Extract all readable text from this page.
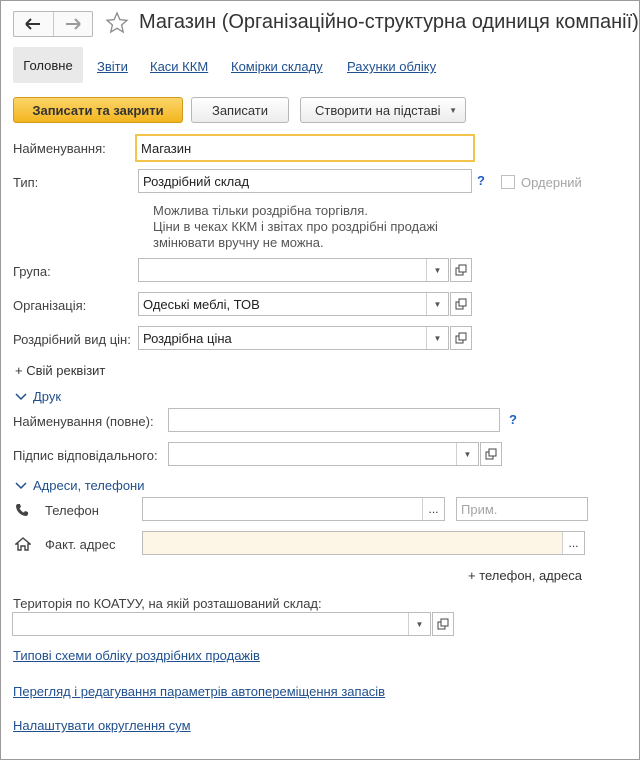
Магазин (Організаційно-структурна одиниця компанії)
Головне	Звіти Каси ККМ Комірки складу Рахунки обліку
Записати та закрити	Записати	Створити на підставі ▼
Найменування:	Магазин
Тип:	Роздрібний склад	?	Ордерний
Можлива тільки роздрібна торгівля.
Ціни в чеках ККМ і звітах про роздрібні продажі
змінювати вручну не можна.
Група:	▼
Організація:	Одеські меблі, ТОВ	▼
Роздрібний вид цін: Роздрібна ціна	▼
+ Свій реквізит
Друк
Найменування (повне):	?
Підпис відповідального:	▼
Адреси, телефони
Телефон	...	Прим.
Факт. адрес	...
+ телефон, адреса
Територія по КОАТУУ, на якій розташований склад:
▼
Типові схеми обліку роздрібних продажів
Перегляд і редагування параметрів автопереміщення запасів
Налаштувати округлення сум
